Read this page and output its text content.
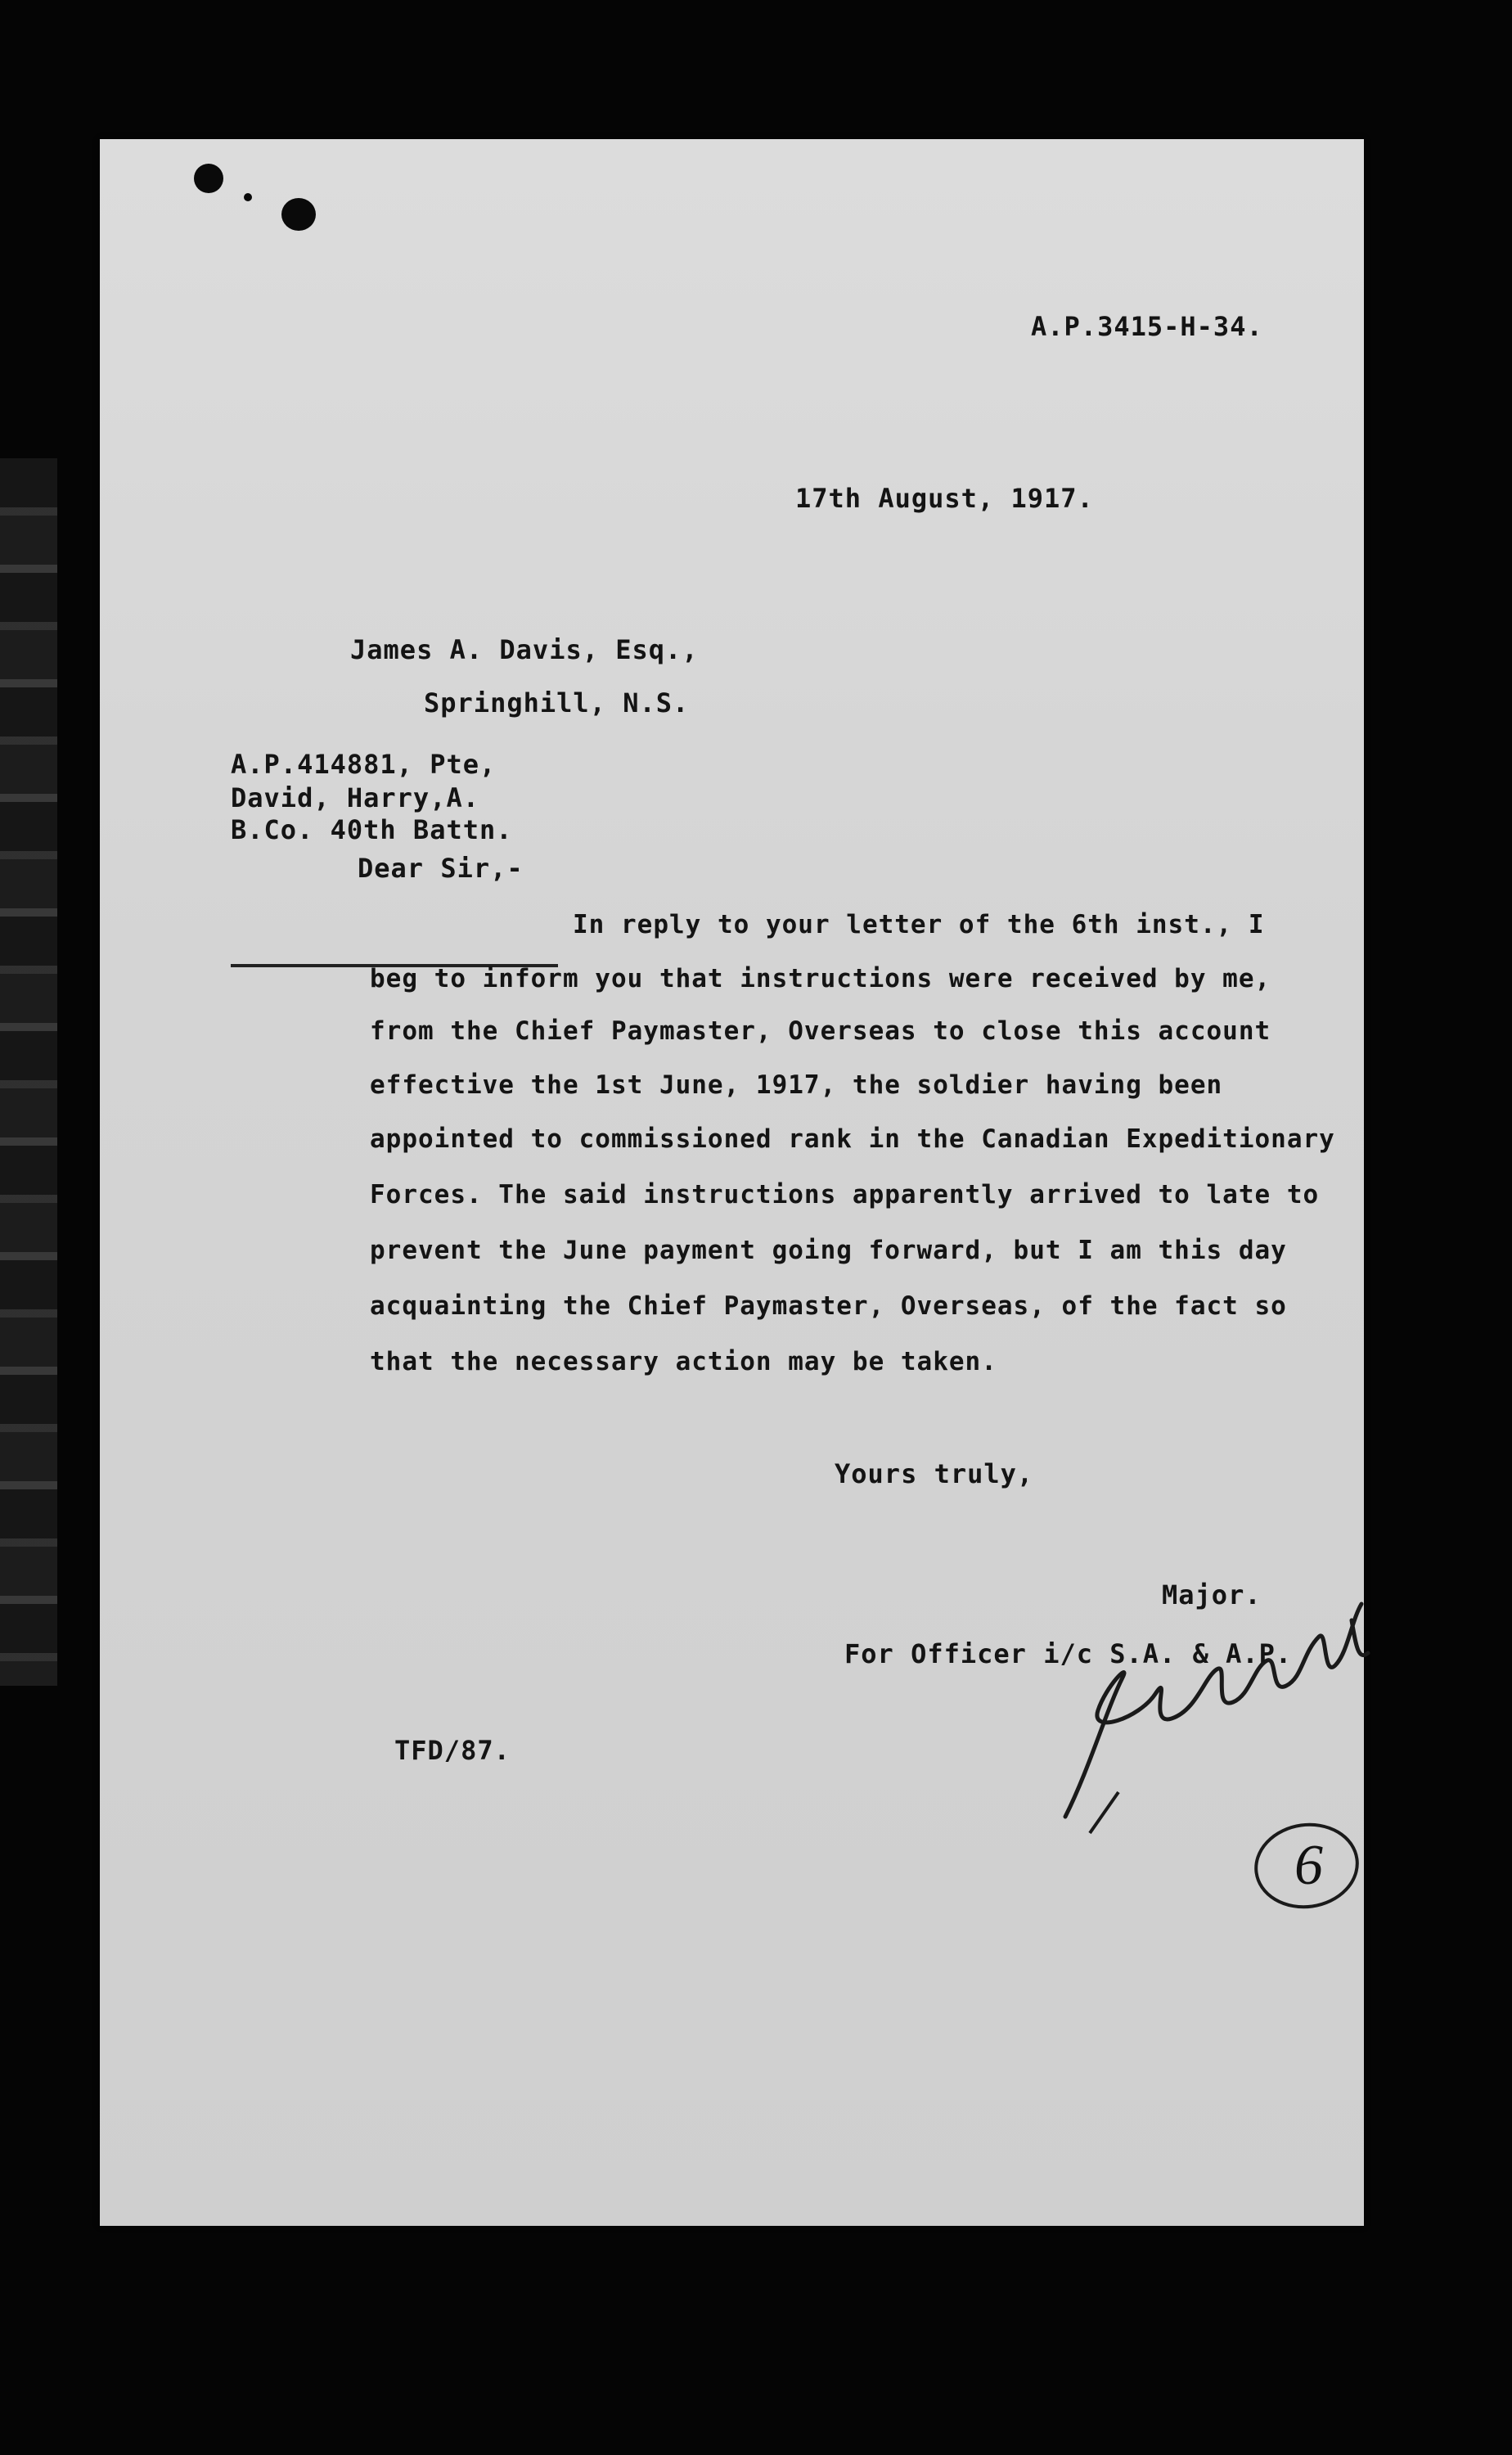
A.P.3415-H-34.
17th August, 1917.
James A. Davis, Esq.,
Springhill, N.S.
A.P.414881, Pte,
David, Harry,A.
B.Co. 40th Battn.
Dear Sir,-
In reply to your letter of the 6th inst., I
beg to inform you that instructions were received by me,
from the Chief Paymaster, Overseas to close this account
effective the 1st June, 1917, the soldier having been
appointed to commissioned rank in the Canadian Expeditionary
Forces. The said instructions apparently arrived to late to
prevent the June payment going forward, but I am this day
acquainting the Chief Paymaster, Overseas, of the fact so
that the necessary action may be taken.
Yours truly,
Major.
For Officer i/c S.A. & A.P.
6
TFD/87.
